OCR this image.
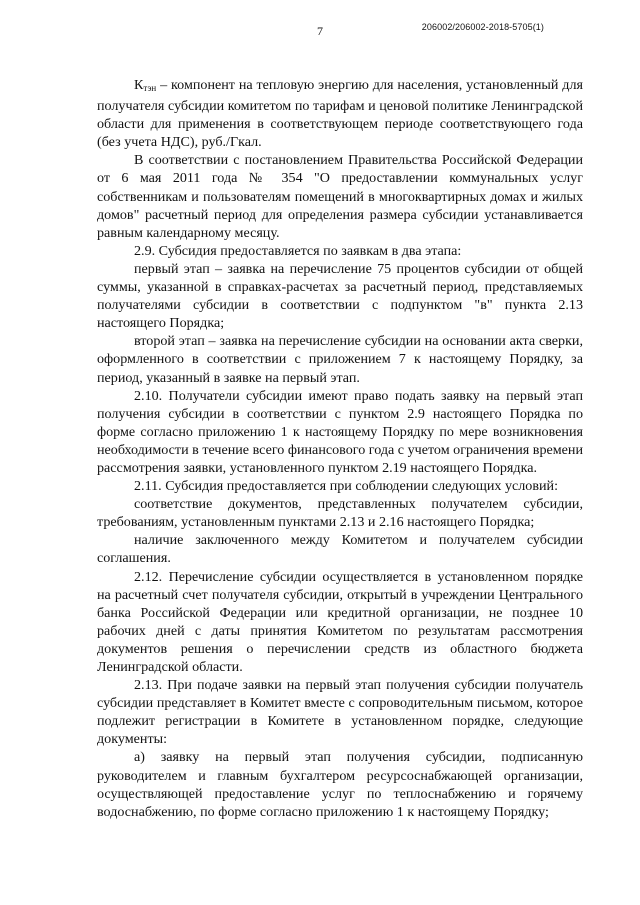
7	206002/206002-2018-5705(1)

$К_{тэн}$ – компонент на тепловую энергию для населения, установленный для получателя субсидии комитетом по тарифам и ценовой политике Ленинградской области для применения в соответствующем периоде соответствующего года (без учета НДС), руб./Гкал.

В соответствии с постановлением Правительства Российской Федерации от 6 мая 2011 года № 354 "О предоставлении коммунальных услуг собственникам и пользователям помещений в многоквартирных домах и жилых домов" расчетный период для определения размера субсидии устанавливается равным календарному месяцу.

2.9. Субсидия предоставляется по заявкам в два этапа:

первый этап – заявка на перечисление 75 процентов субсидии от общей суммы, указанной в справках-расчетах за расчетный период, представляемых получателями субсидии в соответствии с подпунктом "в" пункта 2.13 настоящего Порядка;

второй этап – заявка на перечисление субсидии на основании акта сверки, оформленного в соответствии с приложением 7 к настоящему Порядку, за период, указанный в заявке на первый этап.

2.10. Получатели субсидии имеют право подать заявку на первый этап получения субсидии в соответствии с пунктом 2.9 настоящего Порядка по форме согласно приложению 1 к настоящему Порядку по мере возникновения необходимости в течение всего финансового года с учетом ограничения времени рассмотрения заявки, установленного пунктом 2.19 настоящего Порядка.

2.11. Субсидия предоставляется при соблюдении следующих условий:

соответствие документов, представленных получателем субсидии, требованиям, установленным пунктами 2.13 и 2.16 настоящего Порядка;

наличие заключенного между Комитетом и получателем субсидии соглашения.

2.12. Перечисление субсидии осуществляется в установленном порядке на расчетный счет получателя субсидии, открытый в учреждении Центрального банка Российской Федерации или кредитной организации, не позднее 10 рабочих дней с даты принятия Комитетом по результатам рассмотрения документов решения о перечислении средств из областного бюджета Ленинградской области.

2.13. При подаче заявки на первый этап получения субсидии получатель субсидии представляет в Комитет вместе с сопроводительным письмом, которое подлежит регистрации в Комитете в установленном порядке, следующие документы:

а) заявку на первый этап получения субсидии, подписанную руководителем и главным бухгалтером ресурсоснабжающей организации, осуществляющей предоставление услуг по теплоснабжению и горячему водоснабжению, по форме согласно приложению 1 к настоящему Порядку;
